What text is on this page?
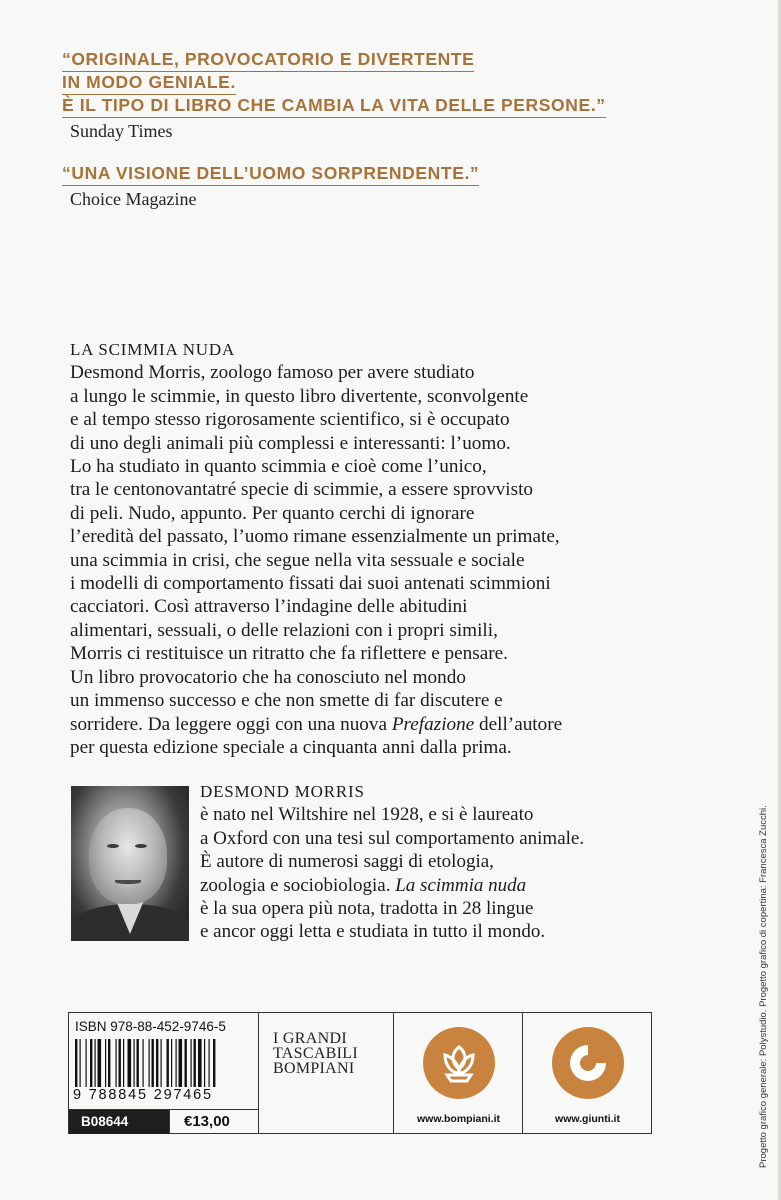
“ORIGINALE, PROVOCATORIO E DIVERTENTE
IN MODO GENIALE.
È IL TIPO DI LIBRO CHE CAMBIA LA VITA DELLE PERSONE.”
Sunday Times
“UNA VISIONE DELL’UOMO SORPRENDENTE.”
Choice Magazine
LA SCIMMIA NUDA
Desmond Morris, zoologo famoso per avere studiato
a lungo le scimmie, in questo libro divertente, sconvolgente
e al tempo stesso rigorosamente scientifico, si è occupato
di uno degli animali più complessi e interessanti: l’uomo.
Lo ha studiato in quanto scimmia e cioè come l’unico,
tra le centonovantatré specie di scimmie, a essere sprovvisto
di peli. Nudo, appunto. Per quanto cerchi di ignorare
l’eredità del passato, l’uomo rimane essenzialmente un primate,
una scimmia in crisi, che segue nella vita sessuale e sociale
i modelli di comportamento fissati dai suoi antenati scimmioni
cacciatori. Così attraverso l’indagine delle abitudini
alimentari, sessuali, o delle relazioni con i propri simili,
Morris ci restituisce un ritratto che fa riflettere e pensare.
Un libro provocatorio che ha conosciuto nel mondo
un immenso successo e che non smette di far discutere e
sorridere. Da leggere oggi con una nuova Prefazione dell’autore
per questa edizione speciale a cinquanta anni dalla prima.
DESMOND MORRIS
è nato nel Wiltshire nel 1928, e si è laureato
a Oxford con una tesi sul comportamento animale.
È autore di numerosi saggi di etologia,
zoologia e sociobiologia. La scimmia nuda
è la sua opera più nota, tradotta in 28 lingue
e ancor oggi letta e studiata in tutto il mondo.
ISBN 978-88-452-9746-5
9 788845 297465
B08644	€13,00
I GRANDI
TASCABILI
BOMPIANI
www.bompiani.it	www.giunti.it	Progetto grafico generale: Polystudio. Progetto grafico di copertina: Francesca Zucchi.
